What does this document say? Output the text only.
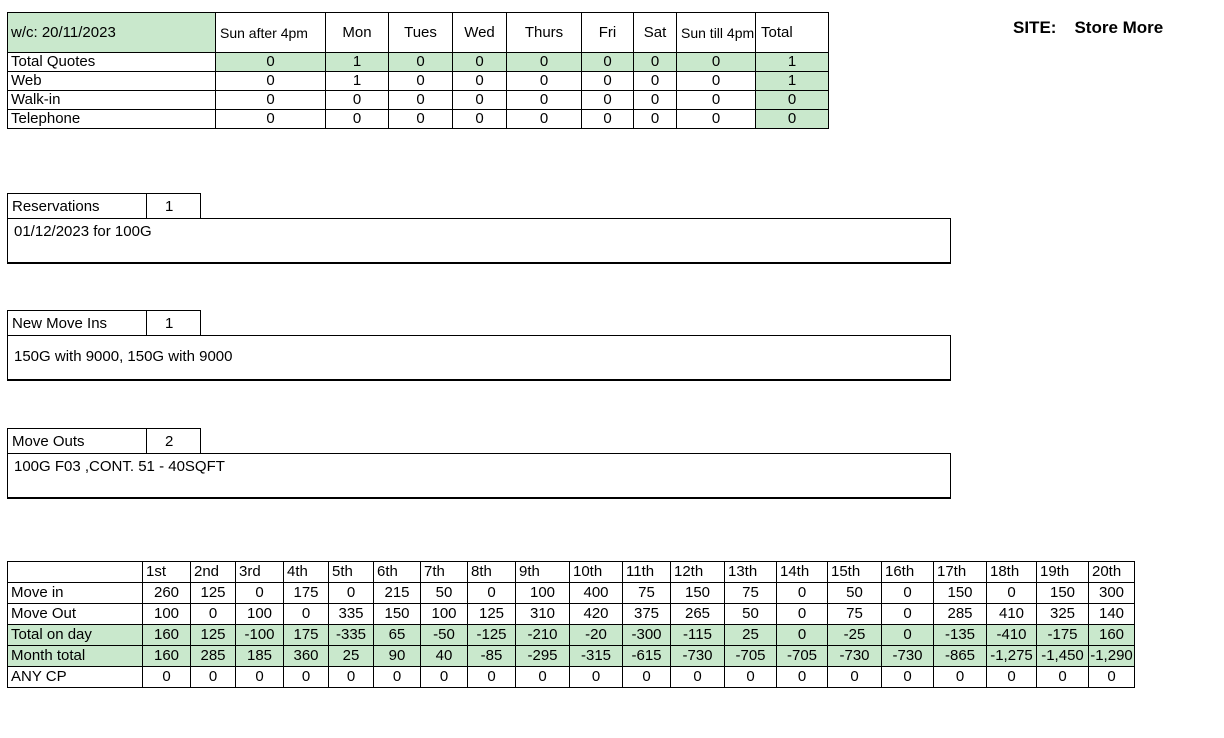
w/c: 20/11/2023	Sun after 4pm	Mon	Tues	Wed	Thurs	Fri	Sat	Sun till 4pm	Total
Total Quotes	0	1	0	0	0	0	0	0	1
Web	0	1	0	0	0	0	0	0	1
Walk-in	0	0	0	0	0	0	0	0	0
Telephone	0	0	0	0	0	0	0	0	0
SITE: Store More
Reservations	1
01/12/2023 for 100G
New Move Ins	1
150G with 9000, 150G with 9000
Move Outs	2
100G F03 ,CONT. 51 - 40SQFT
	1st	2nd	3rd	4th	5th	6th	7th	8th	9th	10th	11th	12th	13th	14th	15th	16th	17th	18th	19th	20th
Move in	260	125	0	175	0	215	50	0	100	400	75	150	75	0	50	0	150	0	150	300
Move Out	100	0	100	0	335	150	100	125	310	420	375	265	50	0	75	0	285	410	325	140
Total on day	160	125	-100	175	-335	65	-50	-125	-210	-20	-300	-115	25	0	-25	0	-135	-410	-175	160
Month total	160	285	185	360	25	90	40	-85	-295	-315	-615	-730	-705	-705	-730	-730	-865	-1,275	-1,450	-1,290
ANY CP	0	0	0	0	0	0	0	0	0	0	0	0	0	0	0	0	0	0	0	0
